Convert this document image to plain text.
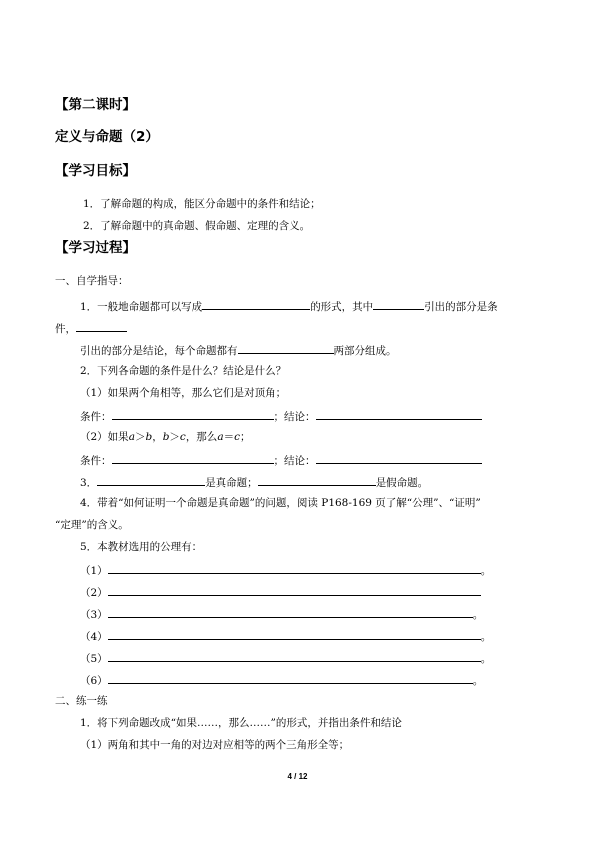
【第二课时】
定义与命题（2）
【学习目标】
1．了解命题的构成，能区分命题中的条件和结论；
2．了解命题中的真命题、假命题、定理的含义。
【学习过程】
一、自学指导：
1．一般地命题都可以写成	的形式，其中	引出的部分是条
件，
引出的部分是结论，每个命题都有	两部分组成。
2．下列各命题的条件是什么？结论是什么？
（1）如果两个角相等，那么它们是对顶角；
条件：	；结论：
（2）如果a＞b，b＞c，那么a＝c；
条件：	；结论：
3．	是真命题；	是假命题。
4．带着“如何证明一个命题是真命题”的问题，阅读 P168-169 页了解“公理”、“证明”
“定理”的含义。
5．本教材选用的公理有：
（1）	。
（2）
（3）	。
（4）	。
（5）	。
（6）	。
二、练一练
1．将下列命题改成“如果……，那么……”的形式，并指出条件和结论
（1）两角和其中一角的对边对应相等的两个三角形全等；
4 / 12
